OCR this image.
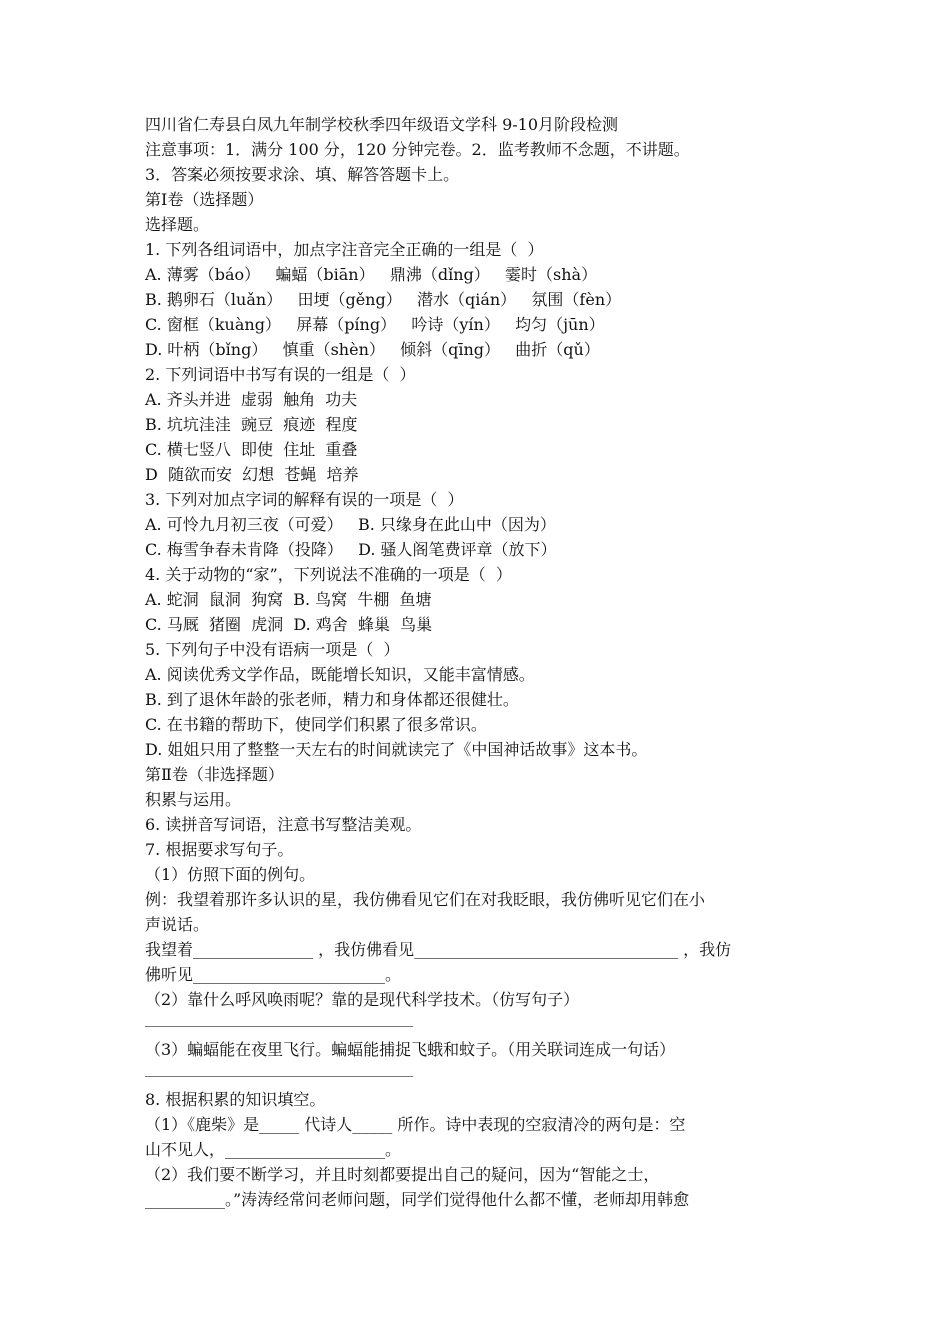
四川省仁寿县白凤九年制学校秋季四年级语文学科 9-10月阶段检测
注意事项：1．满分 100 分，120 分钟完卷。2．监考教师不念题，不讲题。
3．答案必须按要求涂、填、解答答题卡上。
第Ⅰ卷（选择题）
选择题。
1. 下列各组词语中，加点字注音完全正确的一组是（  ）
A. 薄雾（báo）   蝙蝠（biān）   鼎沸（dǐng）   霎时（shà）
B. 鹅卵石（luǎn）   田埂（gěng）   潜水（qián）   氛围（fèn）
C. 窗框（kuàng）   屏幕（píng）   吟诗（yín）   均匀（jūn）
D. 叶柄（bǐng）   慎重（shèn）   倾斜（qīng）   曲折（qǔ）
2. 下列词语中书写有误的一组是（  ）
A. 齐头并进  虚弱  触角  功夫
B. 坑坑洼洼  豌豆  痕迹  程度
C. 横七竖八  即使  住址  重叠
D  随欲而安  幻想  苍蝇  培养
3. 下列对加点字词的解释有误的一项是（  ）
A. 可怜九月初三夜（可爱）   B. 只缘身在此山中（因为）
C. 梅雪争春未肯降（投降）   D. 骚人阁笔费评章（放下）
4. 关于动物的“家”，下列说法不准确的一项是（  ）
A. 蛇洞  鼠洞  狗窝  B. 鸟窝  牛棚  鱼塘
C. 马厩  猪圈  虎洞  D. 鸡舍  蜂巢  鸟巢
5. 下列句子中没有语病一项是（  ）
A. 阅读优秀文学作品，既能增长知识，又能丰富情感。
B. 到了退休年龄的张老师，精力和身体都还很健壮。
C. 在书籍的帮助下，使同学们积累了很多常识。
D. 姐姐只用了整整一天左右的时间就读完了《中国神话故事》这本书。
第Ⅱ卷（非选择题）
积累与运用。
6. 读拼音写词语，注意书写整洁美观。
7. 根据要求写句子。
（1）仿照下面的例句。
例：我望着那许多认识的星，我仿佛看见它们在对我眨眼，我仿佛听见它们在小
声说话。
我望着_______________ ，我仿佛看见_________________________________ ，我仿
佛听见________________________。
（2）靠什么呼风唤雨呢？靠的是现代科学技术。（仿写句子）
（3）蝙蝠能在夜里飞行。蝙蝠能捕捉飞蛾和蚊子。（用关联词连成一句话）
8. 根据积累的知识填空。
（1）《鹿柴》是_____ 代诗人_____ 所作。诗中表现的空寂清冷的两句是：空
山不见人，____________________。
（2）我们要不断学习，并且时刻都要提出自己的疑问，因为“智能之士，
__________。”涛涛经常问老师问题，同学们觉得他什么都不懂，老师却用韩愈
